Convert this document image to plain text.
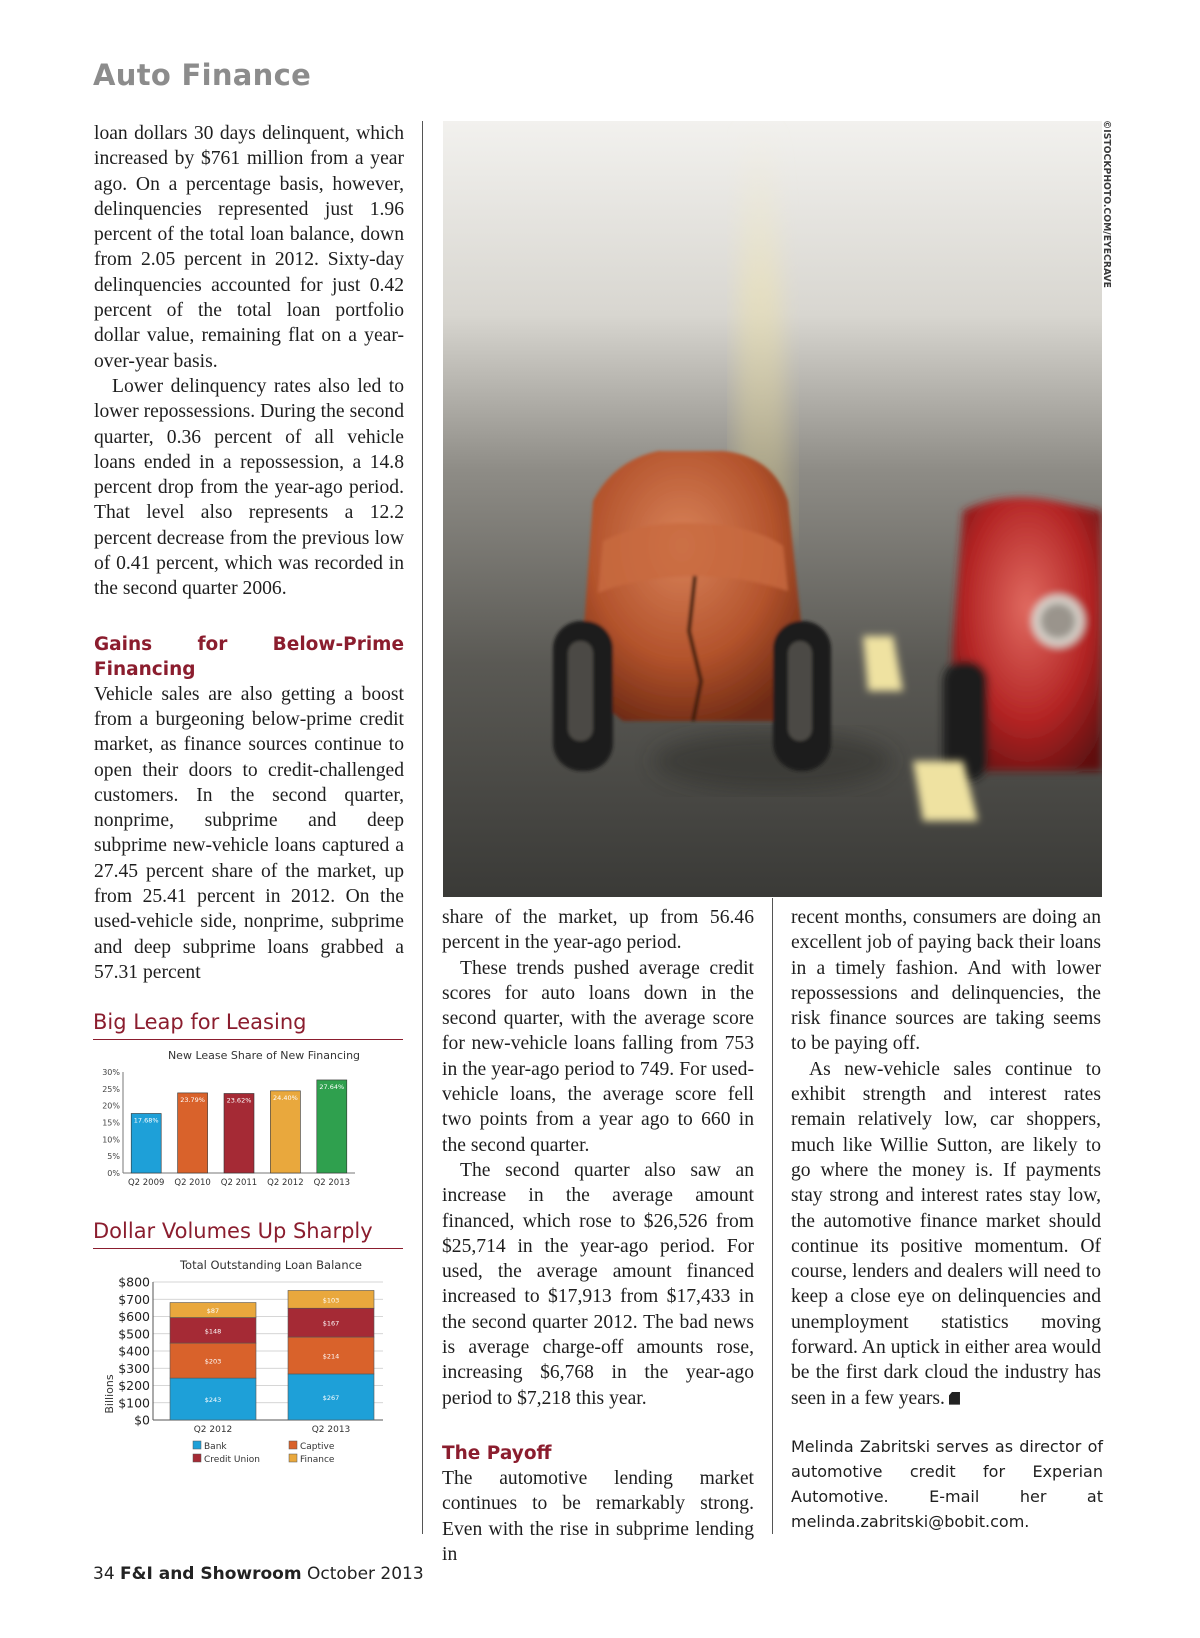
Auto Finance

loan dollars 30 days delinquent, which increased by $761 million from a year ago. On a percentage basis, however, delinquencies represented just 1.96 percent of the total loan balance, down from 2.05 percent in 2012. Sixty-day delinquencies accounted for just 0.42 percent of the total loan portfolio dollar value, remaining flat on a year-over-year basis.

Lower delinquency rates also led to lower repossessions. During the second quarter, 0.36 percent of all vehicle loans ended in a repossession, a 14.8 percent drop from the year-ago period. That level also represents a 12.2 percent decrease from the previous low of 0.41 percent, which was recorded in the second quarter 2006.

Gains for Below-Prime Financing

Vehicle sales are also getting a boost from a burgeoning below-prime credit market, as finance sources continue to open their doors to credit-challenged customers. In the second quarter, nonprime, subprime and deep subprime new-vehicle loans captured a 27.45 percent share of the market, up from 25.41 percent in 2012. On the used-vehicle side, nonprime, subprime and deep subprime loans grabbed a 57.31 percent

©ISTOCKPHOTO.COM/EYECRAVE
Big Leap for Leasing
New Lease Share of New Financing
0%
5%
10%
15%
20%
25%
30%
17.68%
Q2 2009
23.79%
Q2 2010
23.62%
Q2 2011
24.40%
Q2 2012
27.64%
Q2 2013
Dollar Volumes Up Sharply
Total Outstanding Loan Balance
Billions
$0
$100
$200
$300
$400
$500
$600
$700
$800
$243
$203
$148
$87
Q2 2012
$267
$214
$167
$103
Q2 2013
Bank	Captive
Credit Union	Finance

share of the market, up from 56.46 percent in the year-ago period.

These trends pushed average credit scores for auto loans down in the second quarter, with the average score for new-vehicle loans falling from 753 in the year-ago period to 749. For used-vehicle loans, the average score fell two points from a year ago to 660 in the second quarter.

The second quarter also saw an increase in the average amount financed, which rose to $26,526 from $25,714 in the year-ago period. For used, the average amount financed increased to $17,913 from $17,433 in the second quarter 2012. The bad news is average charge-off amounts rose, increasing $6,768 in the year-ago period to $7,218 this year.

The Payoff

The automotive lending market continues to be remarkably strong. Even with the rise in subprime lending in

recent months, consumers are doing an excellent job of paying back their loans in a timely fashion. And with lower repossessions and delinquencies, the risk finance sources are taking seems to be paying off.

As new-vehicle sales continue to exhibit strength and interest rates remain relatively low, car shoppers, much like Willie Sutton, are likely to go where the money is. If payments stay strong and interest rates stay low, the automotive finance market should continue its positive momentum. Of course, lenders and dealers will need to keep a close eye on delinquencies and unemployment statistics moving forward. An uptick in either area would be the first dark cloud the industry has seen in a few years.

Melinda Zabritski serves as director of automotive credit for Experian Automotive. E-mail her at melinda.zabritski@bobit.com.
34 F&I and Showroom October 2013
